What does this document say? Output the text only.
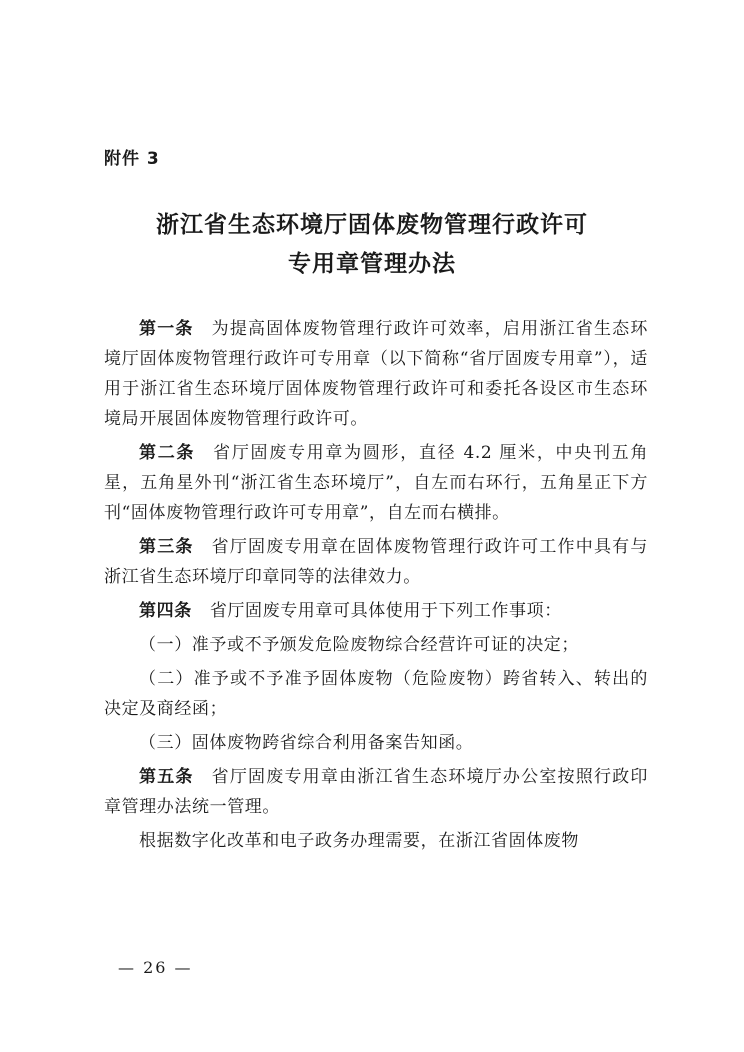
附件 3
浙江省生态环境厅固体废物管理行政许可
专用章管理办法

第一条 为提高固体废物管理行政许可效率，启用浙江省生态环境厅固体废物管理行政许可专用章（以下简称“省厅固废专用章”），适用于浙江省生态环境厅固体废物管理行政许可和委托各设区市生态环境局开展固体废物管理行政许可。

第二条 省厅固废专用章为圆形，直径 4.2 厘米，中央刊五角星，五角星外刊“浙江省生态环境厅”，自左而右环行，五角星正下方刊“固体废物管理行政许可专用章”，自左而右横排。

第三条 省厅固废专用章在固体废物管理行政许可工作中具有与浙江省生态环境厅印章同等的法律效力。

第四条 省厅固废专用章可具体使用于下列工作事项：

（一）准予或不予颁发危险废物综合经营许可证的决定；

（二）准予或不予准予固体废物（危险废物）跨省转入、转出的决定及商经函；

（三）固体废物跨省综合利用备案告知函。

第五条 省厅固废专用章由浙江省生态环境厅办公室按照行政印章管理办法统一管理。

根据数字化改革和电子政务办理需要，在浙江省固体废物

— 26 —
